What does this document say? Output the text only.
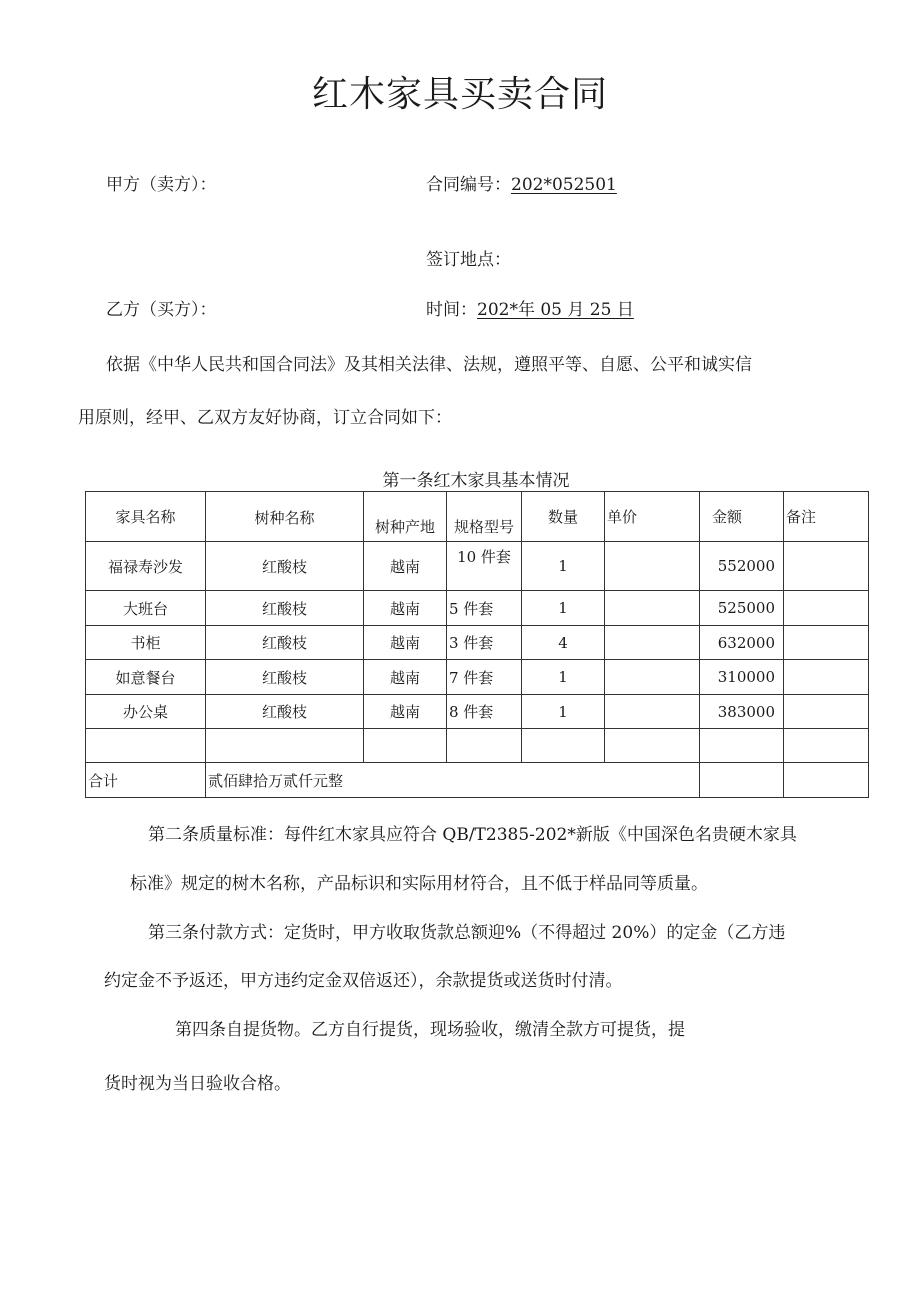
红木家具买卖合同
甲方（卖方）：	合同编号：202*052501
签订地点：
乙方（买方）：	时间：202*年 05 月 25 日
依据《中华人民共和国合同法》及其相关法律、法规，遵照平等、自愿、公平和诚实信
用原则，经甲、乙双方友好协商，订立合同如下：
第一条红木家具基本情况
家具名称	树种名称	树种产地	规格型号	数量	单价	金额	备注
福禄寿沙发	红酸枝	越南	10 件套	1		552000	
大班台	红酸枝	越南	5 件套	1		525000	
书柜	红酸枝	越南	3 件套	4		632000	
如意餐台	红酸枝	越南	7 件套	1		310000	
办公桌	红酸枝	越南	8 件套	1		383000	

合计	贰佰肆拾万贰仟元整						
第二条质量标准：每件红木家具应符合 QB/T2385-202*新版《中国深色名贵硬木家具
标准》规定的树木名称，产品标识和实际用材符合，且不低于样品同等质量。
第三条付款方式：定货时，甲方收取货款总额迎%（不得超过 20%）的定金（乙方违
约定金不予返还，甲方违约定金双倍返还），余款提货或送货时付清。
第四条自提货物。乙方自行提货，现场验收，缴清全款方可提货，提
货时视为当日验收合格。
